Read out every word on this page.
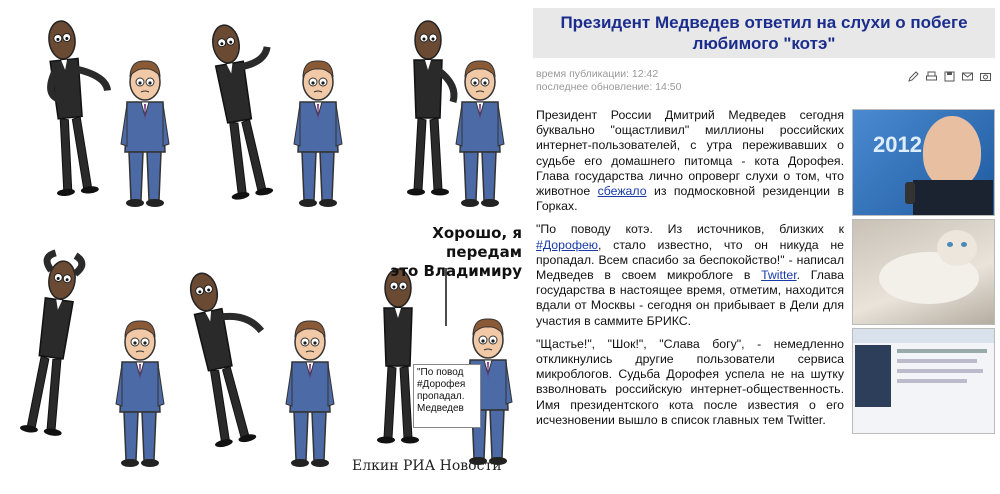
Хорошо, я передам
это Владимиру
Елкин РИА Новости
Президент Медведев ответил на слухи о побеге любимого "котэ"
время публикации: 12:42
последнее обновление: 14:50

Президент России Дмитрий Медведев сегодня буквально "ощастливил" миллионы российских интернет-пользователей, с утра переживавших о судьбе его домашнего питомца - кота Дорофея. Глава государства лично опроверг слухи о том, что животное сбежало из подмосковной резиденции в Горках.

"По поводу котэ. Из источников, близких к #Дорофею, стало известно, что он никуда не пропадал. Всем спасибо за беспокойство!" - написал Медведев в своем микроблоге в Twitter. Глава государства в настоящее время, отметим, находится вдали от Москвы - сегодня он прибывает в Дели для участия в саммите БРИКС.

"Щастье!", "Шок!", "Слава богу", - немедленно откликнулись другие пользователи сервиса микроблогов. Судьба Дорофея успела не на шутку взволновать российскую интернет-общественность. Имя президентского кота после известия о его исчезновении вышло в список главных тем Twitter.

2012
"По повод
#Дорофея
пропадал.
Медведев
